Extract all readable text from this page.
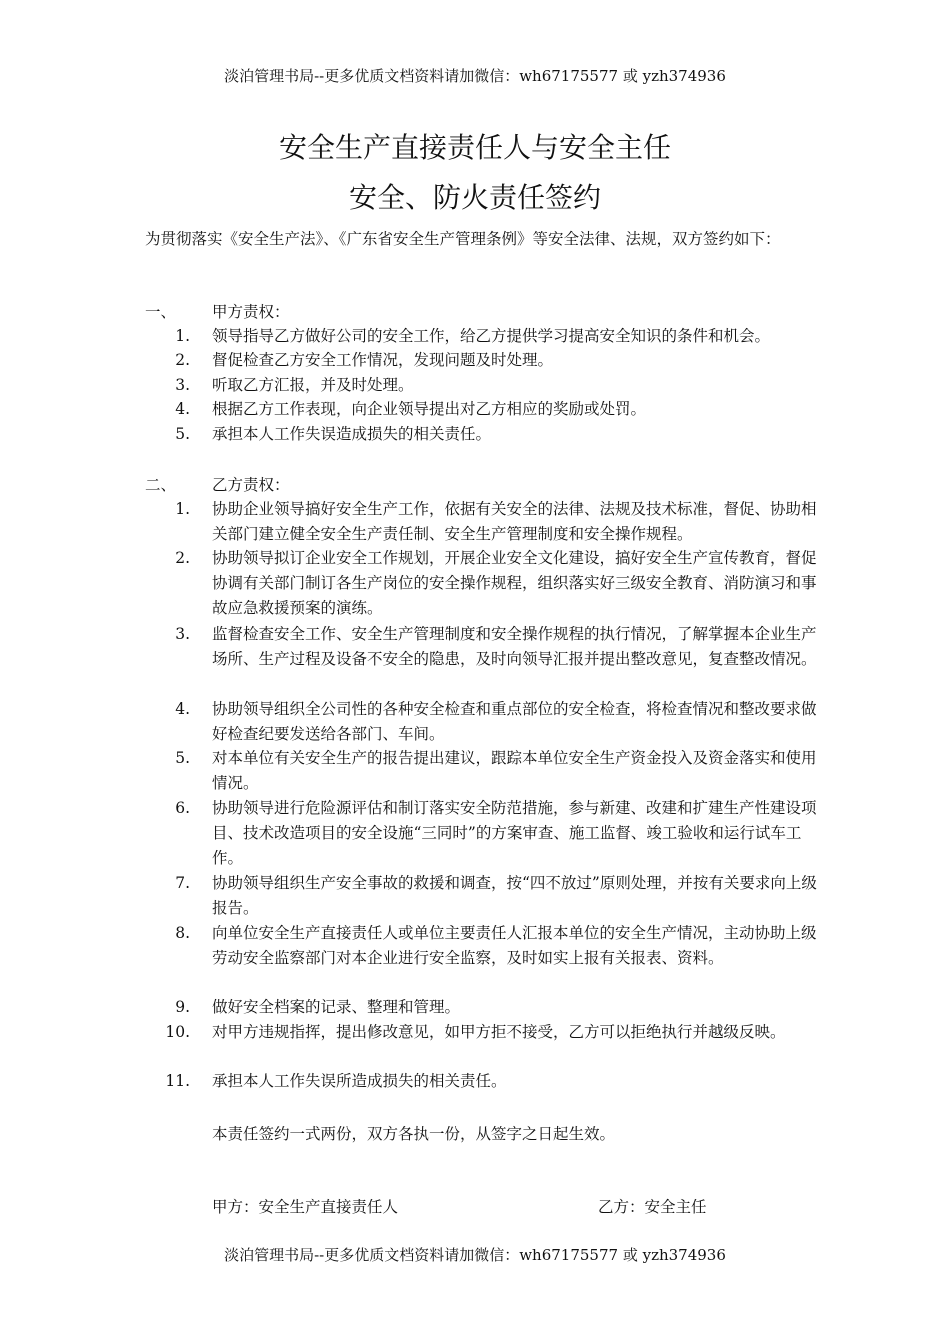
淡泊管理书局--更多优质文档资料请加微信：wh67175577 或 yzh374936
安全生产直接责任人与安全主任
安全、防火责任签约
为贯彻落实《安全生产法》、《广东省安全生产管理条例》等安全法律、法规，双方签约如下：
一、 甲方责权：
1. 领导指导乙方做好公司的安全工作，给乙方提供学习提高安全知识的条件和机会。
2. 督促检查乙方安全工作情况，发现问题及时处理。
3. 听取乙方汇报，并及时处理。
4. 根据乙方工作表现，向企业领导提出对乙方相应的奖励或处罚。
5. 承担本人工作失误造成损失的相关责任。
二、 乙方责权：
1. 协助企业领导搞好安全生产工作，依据有关安全的法律、法规及技术标准，督促、协助相关部门建立健全安全生产责任制、安全生产管理制度和安全操作规程。
2. 协助领导拟订企业安全工作规划，开展企业安全文化建设，搞好安全生产宣传教育，督促协调有关部门制订各生产岗位的安全操作规程，组织落实好三级安全教育、消防演习和事故应急救援预案的演练。
3. 监督检查安全工作、安全生产管理制度和安全操作规程的执行情况，了解掌握本企业生产场所、生产过程及设备不安全的隐患，及时向领导汇报并提出整改意见，复查整改情况。
4. 协助领导组织全公司性的各种安全检查和重点部位的安全检查，将检查情况和整改要求做好检查纪要发送给各部门、车间。
5. 对本单位有关安全生产的报告提出建议，跟踪本单位安全生产资金投入及资金落实和使用情况。
6. 协助领导进行危险源评估和制订落实安全防范措施，参与新建、改建和扩建生产性建设项目、技术改造项目的安全设施“三同时”的方案审查、施工监督、竣工验收和运行试车工作。
7. 协助领导组织生产安全事故的救援和调查，按“四不放过”原则处理，并按有关要求向上级报告。
8. 向单位安全生产直接责任人或单位主要责任人汇报本单位的安全生产情况，主动协助上级劳动安全监察部门对本企业进行安全监察，及时如实上报有关报表、资料。
9. 做好安全档案的记录、整理和管理。
10.	对甲方违规指挥，提出修改意见，如甲方拒不接受，乙方可以拒绝执行并越级反映。
11. 承担本人工作失误所造成损失的相关责任。
本责任签约一式两份，双方各执一份，从签字之日起生效。
甲方：安全生产直接责任人	乙方：安全主任
淡泊管理书局--更多优质文档资料请加微信：wh67175577 或 yzh374936
